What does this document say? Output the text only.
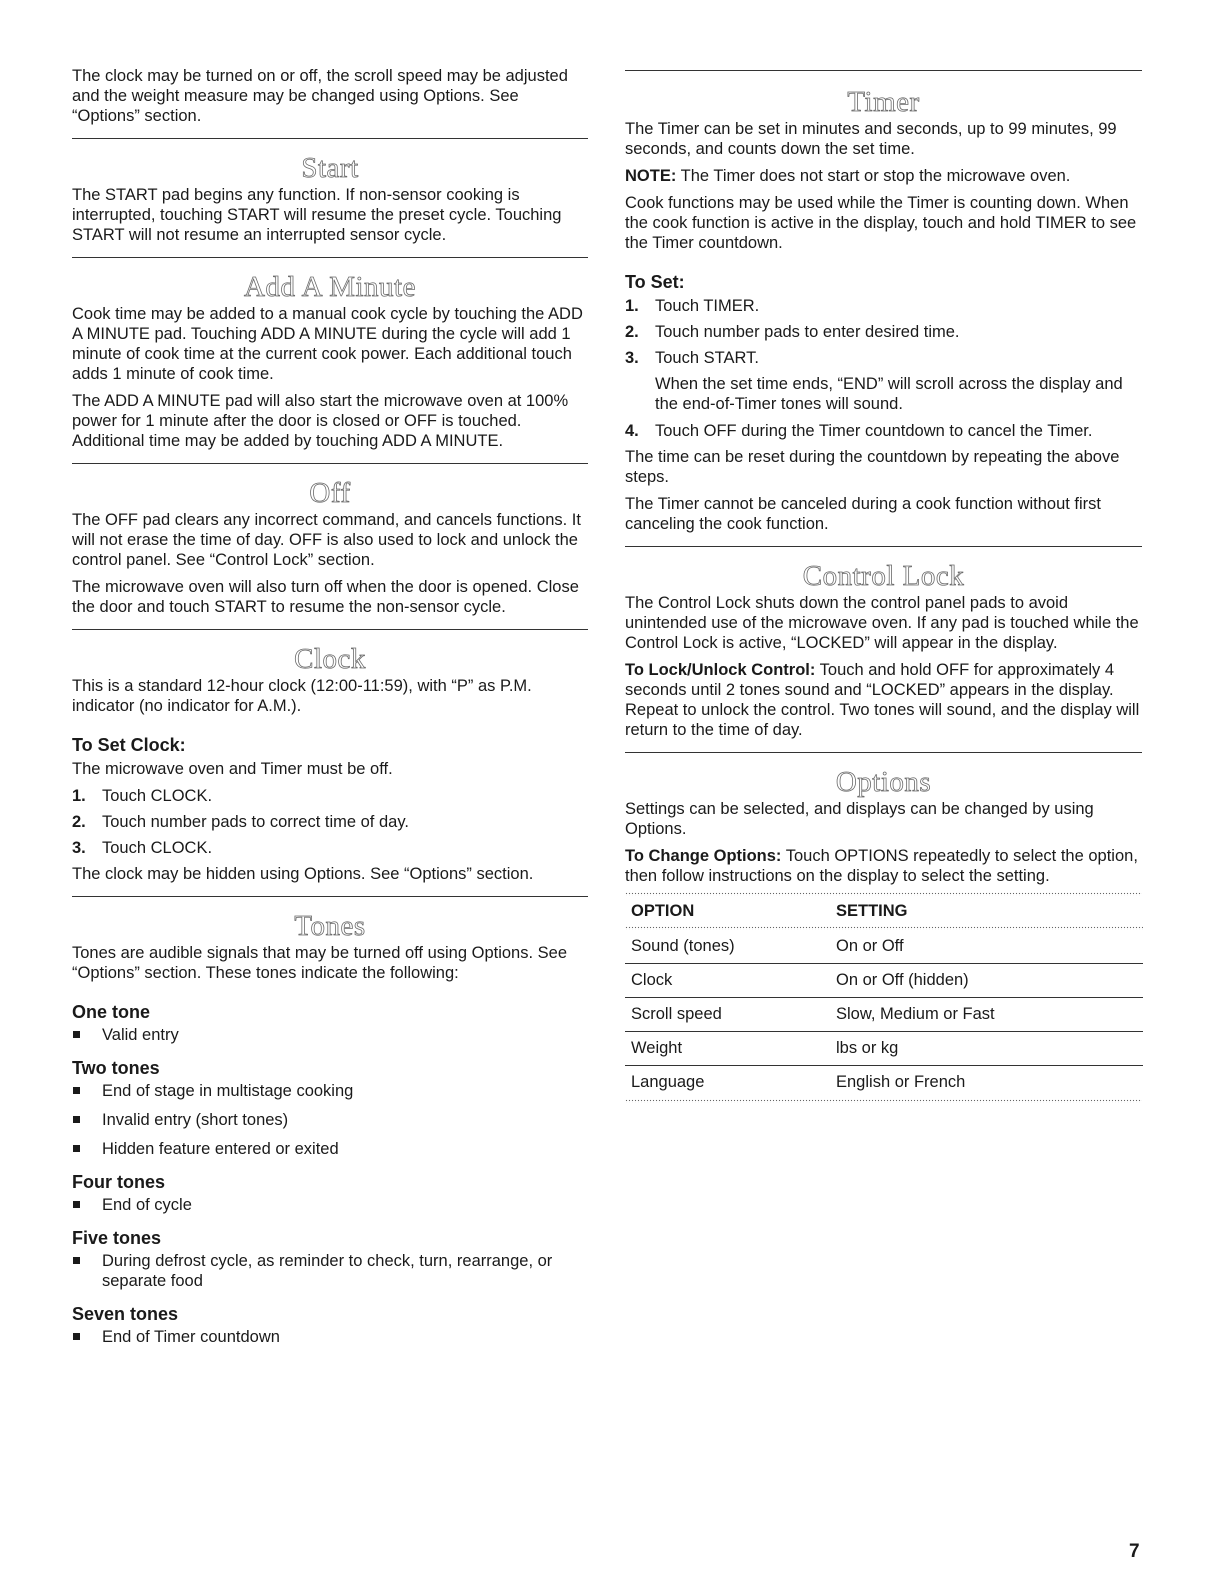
The clock may be turned on or off, the scroll speed may be adjusted and the weight measure may be changed using Options. See “Options” section.

Start

The START pad begins any function. If non-sensor cooking is interrupted, touching START will resume the preset cycle. Touching START will not resume an interrupted sensor cycle.

Add A Minute

Cook time may be added to a manual cook cycle by touching the ADD A MINUTE pad. Touching ADD A MINUTE during the cycle will add 1 minute of cook time at the current cook power. Each additional touch adds 1 minute of cook time.

The ADD A MINUTE pad will also start the microwave oven at 100% power for 1 minute after the door is closed or OFF is touched. Additional time may be added by touching ADD A MINUTE.

Off

The OFF pad clears any incorrect command, and cancels functions. It will not erase the time of day. OFF is also used to lock and unlock the control panel. See “Control Lock” section.

The microwave oven will also turn off when the door is opened. Close the door and touch START to resume the non-sensor cycle.

Clock

This is a standard 12-hour clock (12:00-11:59), with “P” as P.M. indicator (no indicator for A.M.).

To Set Clock:

The microwave oven and Timer must be off.

1. Touch CLOCK.
2. Touch number pads to correct time of day.
3. Touch CLOCK.

The clock may be hidden using Options. See “Options” section.

Tones

Tones are audible signals that may be turned off using Options. See “Options” section. These tones indicate the following:

One tone
Valid entry
Two tones
End of stage in multistage cooking
Invalid entry (short tones)
Hidden feature entered or exited
Four tones
End of cycle
Five tones
During defrost cycle, as reminder to check, turn, rearrange, or separate food
Seven tones
End of Timer countdown
Timer

The Timer can be set in minutes and seconds, up to 99 minutes, 99 seconds, and counts down the set time.

NOTE: The Timer does not start or stop the microwave oven.

Cook functions may be used while the Timer is counting down. When the cook function is active in the display, touch and hold TIMER to see the Timer countdown.

To Set:
1. Touch TIMER.
2. Touch number pads to enter desired time.
3. Touch START.

When the set time ends, “END” will scroll across the display and the end-of-Timer tones will sound.

4. Touch OFF during the Timer countdown to cancel the Timer.

The time can be reset during the countdown by repeating the above steps.

The Timer cannot be canceled during a cook function without first canceling the cook function.

Control Lock

The Control Lock shuts down the control panel pads to avoid unintended use of the microwave oven. If any pad is touched while the Control Lock is active, “LOCKED” will appear in the display.

To Lock/Unlock Control: Touch and hold OFF for approximately 4 seconds until 2 tones sound and “LOCKED” appears in the display. Repeat to unlock the control. Two tones will sound, and the display will return to the time of day.

Options

Settings can be selected, and displays can be changed by using Options.

To Change Options: Touch OPTIONS repeatedly to select the option, then follow instructions on the display to select the setting.

OPTION	SETTING

Sound (tones)	On or Off
Clock	On or Off (hidden)
Scroll speed	Slow, Medium or Fast
Weight	lbs or kg
Language	English or French
7
